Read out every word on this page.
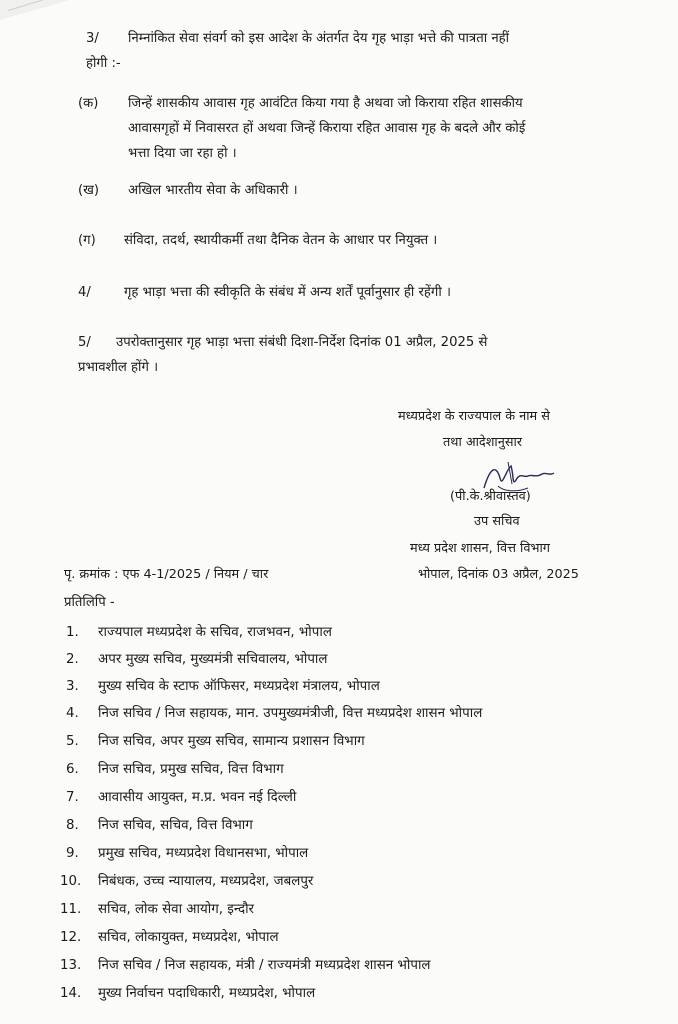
3/ निम्नांकित सेवा संवर्ग को इस आदेश के अंतर्गत देय गृह भाड़ा भत्ते की पात्रता नहीं
होगी :-
(क) जिन्हें शासकीय आवास गृह आवंटित किया गया है अथवा जो किराया रहित शासकीय
आवासगृहों में निवासरत हों अथवा जिन्हें किराया रहित आवास गृह के बदले और कोई
भत्ता दिया जा रहा हो ।
(ख) अखिल भारतीय सेवा के अधिकारी ।
(ग) संविदा, तदर्थ, स्थायीकर्मी तथा दैनिक वेतन के आधार पर नियुक्त ।
4/	गृह भाड़ा भत्ता की स्वीकृति के संबंध में अन्य शर्तें पूर्वानुसार ही रहेंगी ।
5/ उपरोक्तानुसार गृह भाड़ा भत्ता संबंधी दिशा-निर्देश दिनांक 01 अप्रैल, 2025 से
प्रभावशील होंगे ।
मध्यप्रदेश के राज्यपाल के नाम से
तथा आदेशानुसार
(पी.के.श्रीवास्तव)
उप सचिव
मध्य प्रदेश शासन, वित्त विभाग
पृ. क्रमांक : एफ 4-1/2025 / नियम / चार	भोपाल, दिनांक 03 अप्रैल, 2025
प्रतिलिपि -
1. राज्यपाल मध्यप्रदेश के सचिव, राजभवन, भोपाल
2. अपर मुख्य सचिव, मुख्यमंत्री सचिवालय, भोपाल
3. मुख्य सचिव के स्टाफ ऑफिसर, मध्यप्रदेश मंत्रालय, भोपाल
4. निज सचिव / निज सहायक, मान. उपमुख्यमंत्रीजी, वित्त मध्यप्रदेश शासन भोपाल
5. निज सचिव, अपर मुख्य सचिव, सामान्य प्रशासन विभाग
6. निज सचिव, प्रमुख सचिव, वित्त विभाग
7. आवासीय आयुक्त, म.प्र. भवन नई दिल्ली
8. निज सचिव, सचिव, वित्त विभाग
9. प्रमुख सचिव, मध्यप्रदेश विधानसभा, भोपाल
10. निबंधक, उच्च न्यायालय, मध्यप्रदेश, जबलपुर
11. सचिव, लोक सेवा आयोग, इन्दौर
12. सचिव, लोकायुक्त, मध्यप्रदेश, भोपाल
13. निज सचिव / निज सहायक, मंत्री / राज्यमंत्री मध्यप्रदेश शासन भोपाल
14. मुख्य निर्वाचन पदाधिकारी, मध्यप्रदेश, भोपाल
